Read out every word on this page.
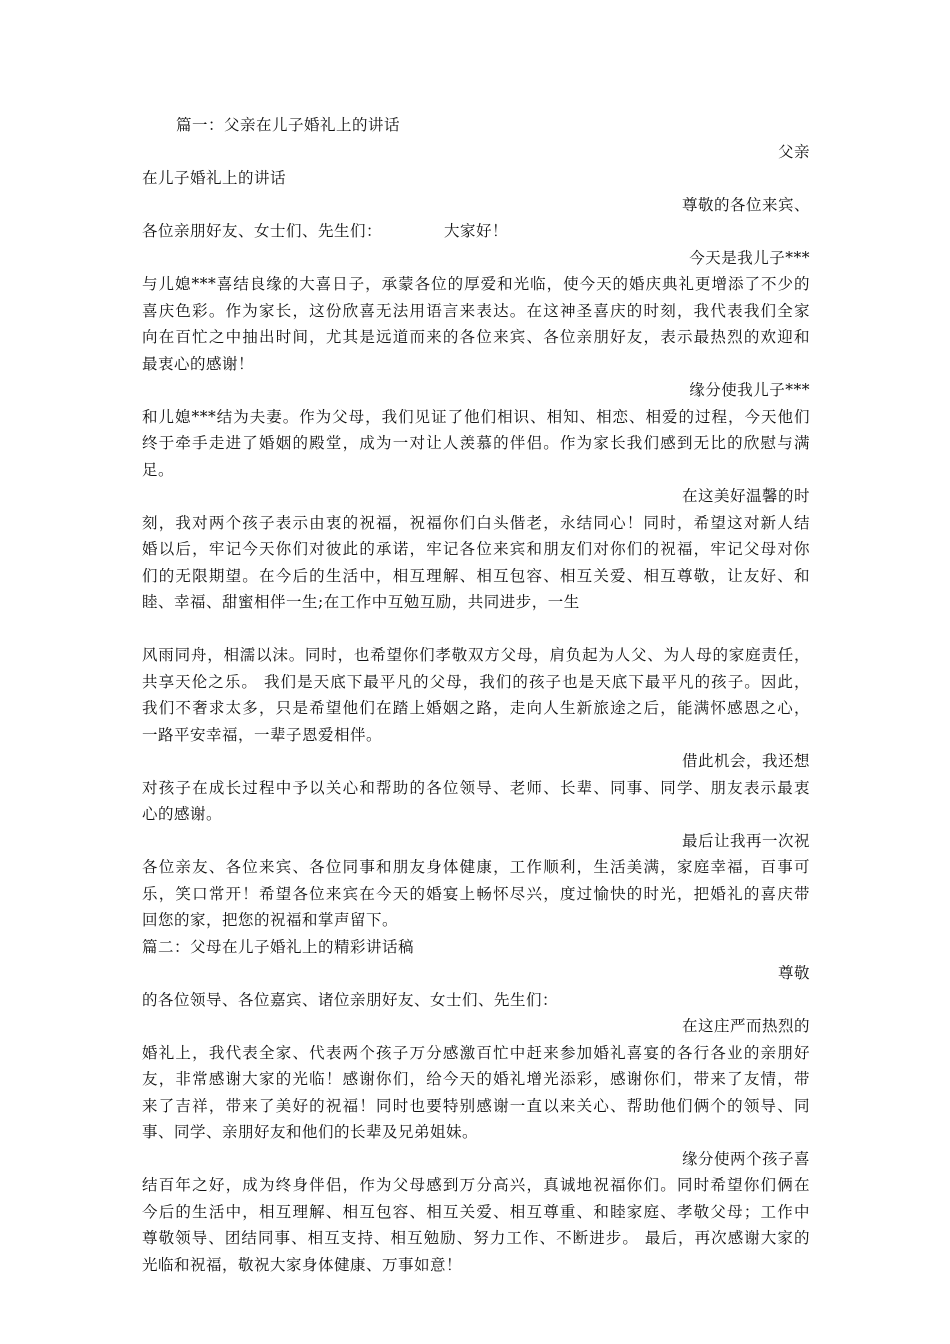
篇一：父亲在儿子婚礼上的讲话
父亲
在儿子婚礼上的讲话
尊敬的各位来宾、
各位亲朋好友、女士们、先生们：	大家好！
今天是我儿子***
与儿媳***喜结良缘的大喜日子，承蒙各位的厚爱和光临，使今天的婚庆典礼更增添了不少的
喜庆色彩。作为家长，这份欣喜无法用语言来表达。在这神圣喜庆的时刻，我代表我们全家
向在百忙之中抽出时间，尤其是远道而来的各位来宾、各位亲朋好友，表示最热烈的欢迎和
最衷心的感谢！
缘分使我儿子***
和儿媳***结为夫妻。作为父母，我们见证了他们相识、相知、相恋、相爱的过程，今天他们
终于牵手走进了婚姻的殿堂，成为一对让人羡慕的伴侣。作为家长我们感到无比的欣慰与满
足。
在这美好温馨的时
刻，我对两个孩子表示由衷的祝福，祝福你们白头偕老，永结同心！同时，希望这对新人结
婚以后，牢记今天你们对彼此的承诺，牢记各位来宾和朋友们对你们的祝福，牢记父母对你
们的无限期望。在今后的生活中，相互理解、相互包容、相互关爱、相互尊敬，让友好、和
睦、幸福、甜蜜相伴一生;在工作中互勉互励，共同进步，一生
风雨同舟，相濡以沫。同时，也希望你们孝敬双方父母，肩负起为人父、为人母的家庭责任，
共享天伦之乐。 我们是天底下最平凡的父母，我们的孩子也是天底下最平凡的孩子。因此，
我们不奢求太多，只是希望他们在踏上婚姻之路，走向人生新旅途之后，能满怀感恩之心，
一路平安幸福，一辈子恩爱相伴。
借此机会，我还想
对孩子在成长过程中予以关心和帮助的各位领导、老师、长辈、同事、同学、朋友表示最衷
心的感谢。
最后让我再一次祝
各位亲友、各位来宾、各位同事和朋友身体健康，工作顺利，生活美满，家庭幸福，百事可
乐，笑口常开！希望各位来宾在今天的婚宴上畅怀尽兴，度过愉快的时光，把婚礼的喜庆带
回您的家，把您的祝福和掌声留下。
篇二：父母在儿子婚礼上的精彩讲话稿
尊敬
的各位领导、各位嘉宾、诸位亲朋好友、女士们、先生们：
在这庄严而热烈的
婚礼上，我代表全家、代表两个孩子万分感激百忙中赶来参加婚礼喜宴的各行各业的亲朋好
友，非常感谢大家的光临！感谢你们，给今天的婚礼增光添彩，感谢你们，带来了友情，带
来了吉祥，带来了美好的祝福！同时也要特别感谢一直以来关心、帮助他们俩个的领导、同
事、同学、亲朋好友和他们的长辈及兄弟姐妹。
缘分使两个孩子喜
结百年之好，成为终身伴侣，作为父母感到万分高兴，真诚地祝福你们。同时希望你们俩在
今后的生活中，相互理解、相互包容、相互关爱、相互尊重、和睦家庭、孝敬父母；工作中
尊敬领导、团结同事、相互支持、相互勉励、努力工作、不断进步。 最后，再次感谢大家的
光临和祝福，敬祝大家身体健康、万事如意！
